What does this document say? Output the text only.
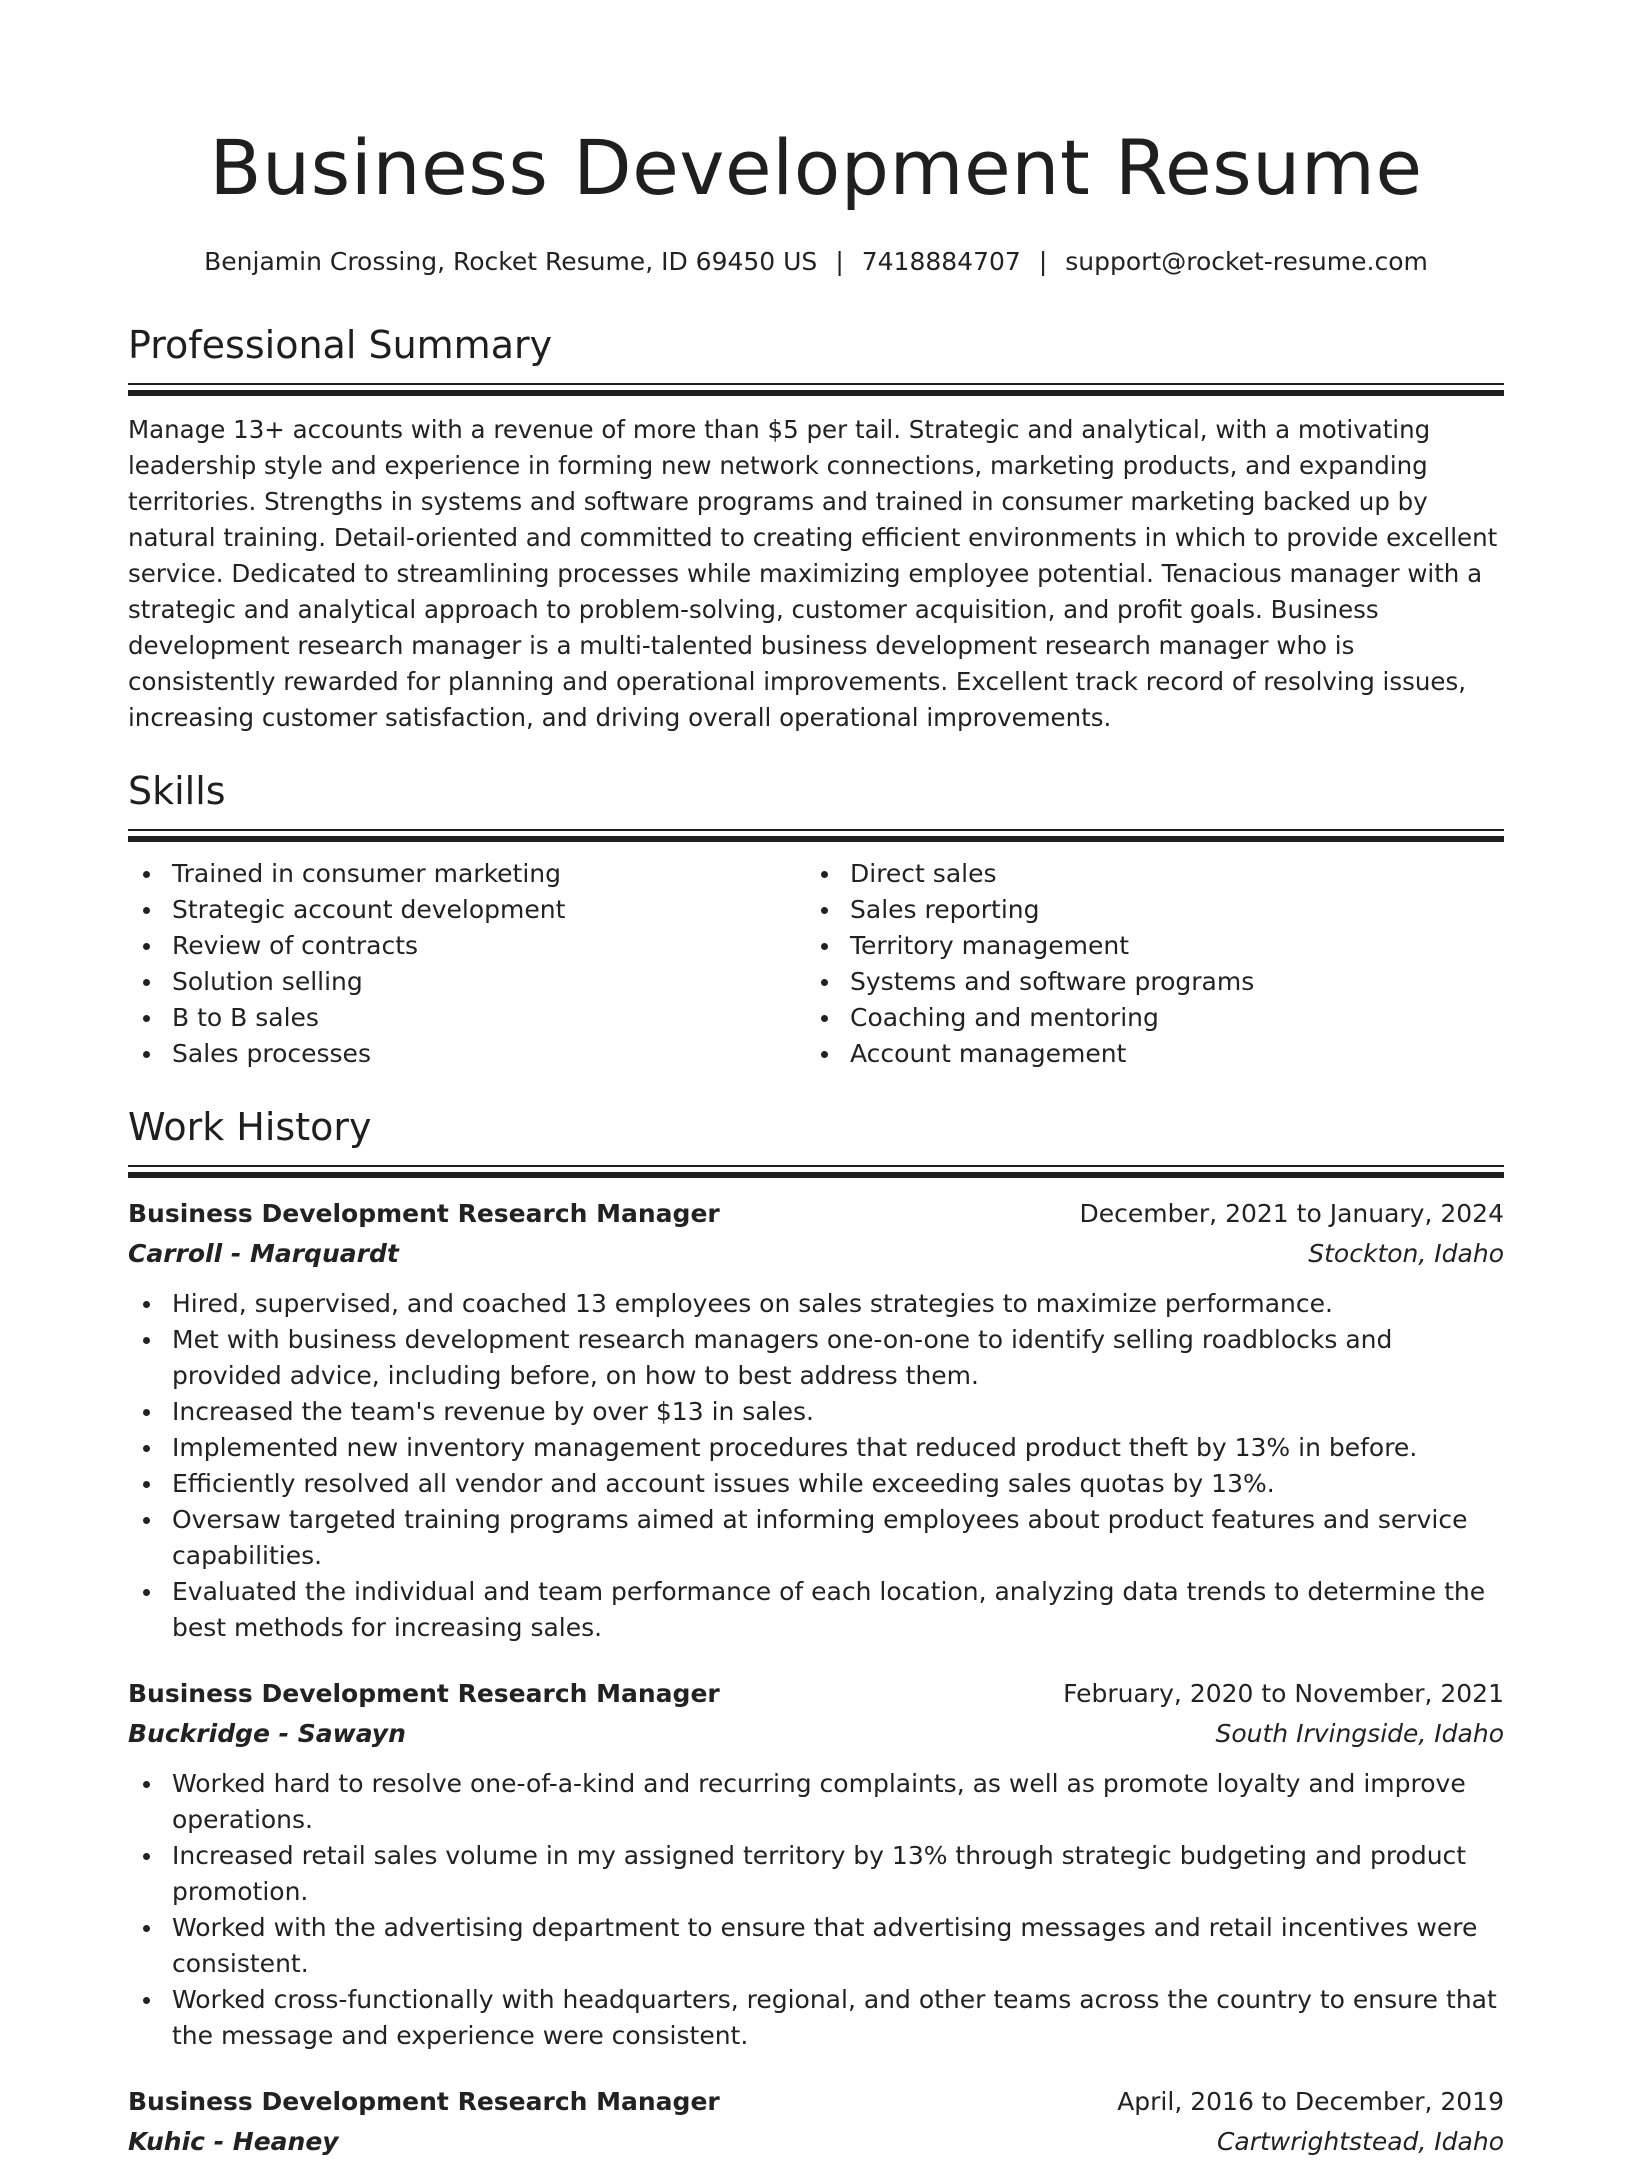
Business Development Resume
Benjamin Crossing, Rocket Resume, ID 69450 US | 7418884707 | support@rocket-resume.com
Professional Summary

Manage 13+ accounts with a revenue of more than $5 per tail. Strategic and analytical, with a motivating leadership style and experience in forming new network connections, marketing products, and expanding territories. Strengths in systems and software programs and trained in consumer marketing backed up by natural training. Detail-oriented and committed to creating efficient environments in which to provide excellent service. Dedicated to streamlining processes while maximizing employee potential. Tenacious manager with a strategic and analytical approach to problem-solving, customer acquisition, and profit goals. Business development research manager is a multi-talented business development research manager who is consistently rewarded for planning and operational improvements. Excellent track record of resolving issues, increasing customer satisfaction, and driving overall operational improvements.

Skills
Trained in consumer marketing
Strategic account development
Review of contracts
Solution selling
B to B sales
Sales processes
Direct sales
Sales reporting
Territory management
Systems and software programs
Coaching and mentoring
Account management
Work History
Business Development Research Manager	December, 2021 to January, 2024
Carroll - Marquardt	Stockton, Idaho
Hired, supervised, and coached 13 employees on sales strategies to maximize performance.
Met with business development research managers one-on-one to identify selling roadblocks and provided advice, including before, on how to best address them.
Increased the team's revenue by over $13 in sales.
Implemented new inventory management procedures that reduced product theft by 13% in before.
Efficiently resolved all vendor and account issues while exceeding sales quotas by 13%.
Oversaw targeted training programs aimed at informing employees about product features and service capabilities.
Evaluated the individual and team performance of each location, analyzing data trends to determine the best methods for increasing sales.
Business Development Research Manager	February, 2020 to November, 2021
Buckridge - Sawayn	South Irvingside, Idaho
Worked hard to resolve one-of-a-kind and recurring complaints, as well as promote loyalty and improve operations.
Increased retail sales volume in my assigned territory by 13% through strategic budgeting and product promotion.
Worked with the advertising department to ensure that advertising messages and retail incentives were consistent.
Worked cross-functionally with headquarters, regional, and other teams across the country to ensure that the message and experience were consistent.
Business Development Research Manager	April, 2016 to December, 2019
Kuhic - Heaney	Cartwrightstead, Idaho
